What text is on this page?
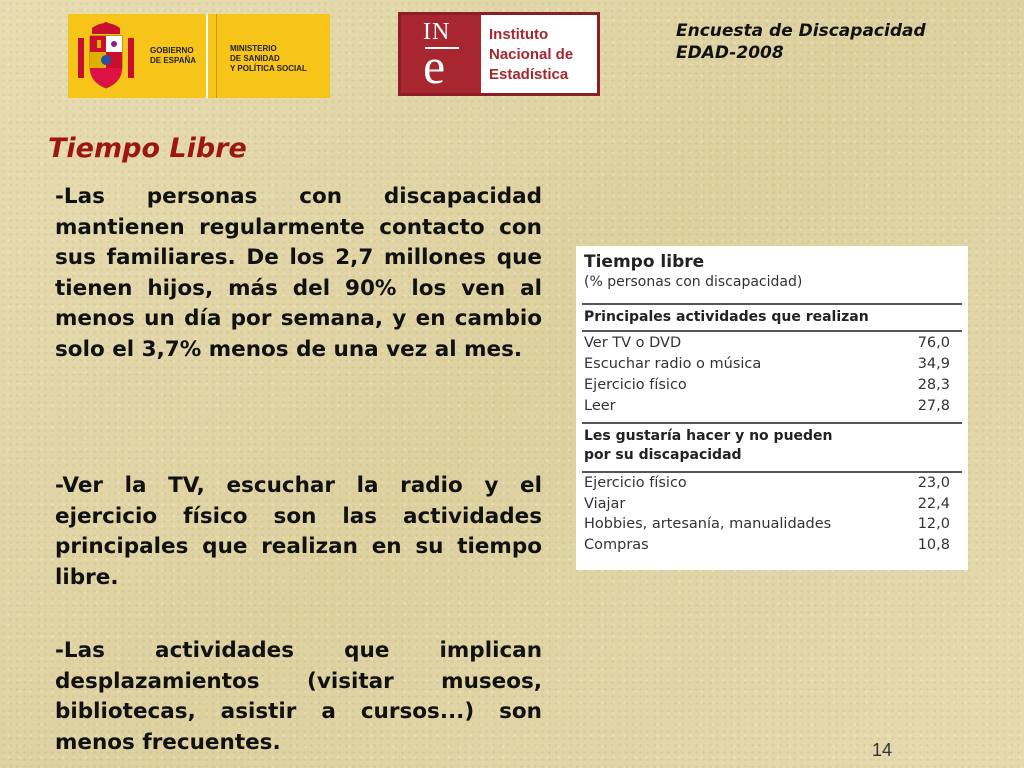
GOBIERNO
DE ESPAÑA
MINISTERIO
DE SANIDAD
Y POLÍTICA SOCIAL
IN
e
Instituto
Nacional de
Estadística
Encuesta de Discapacidad
EDAD-2008
Tiempo Libre
-Las personas con discapacidad mantienen regularmente contacto con sus familiares. De los 2,7 millones que tienen hijos, más del 90% los ven al menos un día por semana, y en cambio solo el 3,7% menos de una vez al mes.
-Ver la TV, escuchar la radio y el ejercicio físico son las actividades principales que realizan en su tiempo libre.
-Las actividades que implican desplazamientos (visitar museos, bibliotecas, asistir a cursos...) son menos frecuentes.
Tiempo libre
(% personas con discapacidad)
Principales actividades que realizan
Ver TV o DVD	76,0
Escuchar radio o música	34,9
Ejercicio físico	28,3
Leer	27,8
Les gustaría hacer y no pueden
por su discapacidad
Ejercicio físico	23,0
Viajar	22,4
Hobbies, artesanía, manualidades	12,0
Compras	10,8
14
